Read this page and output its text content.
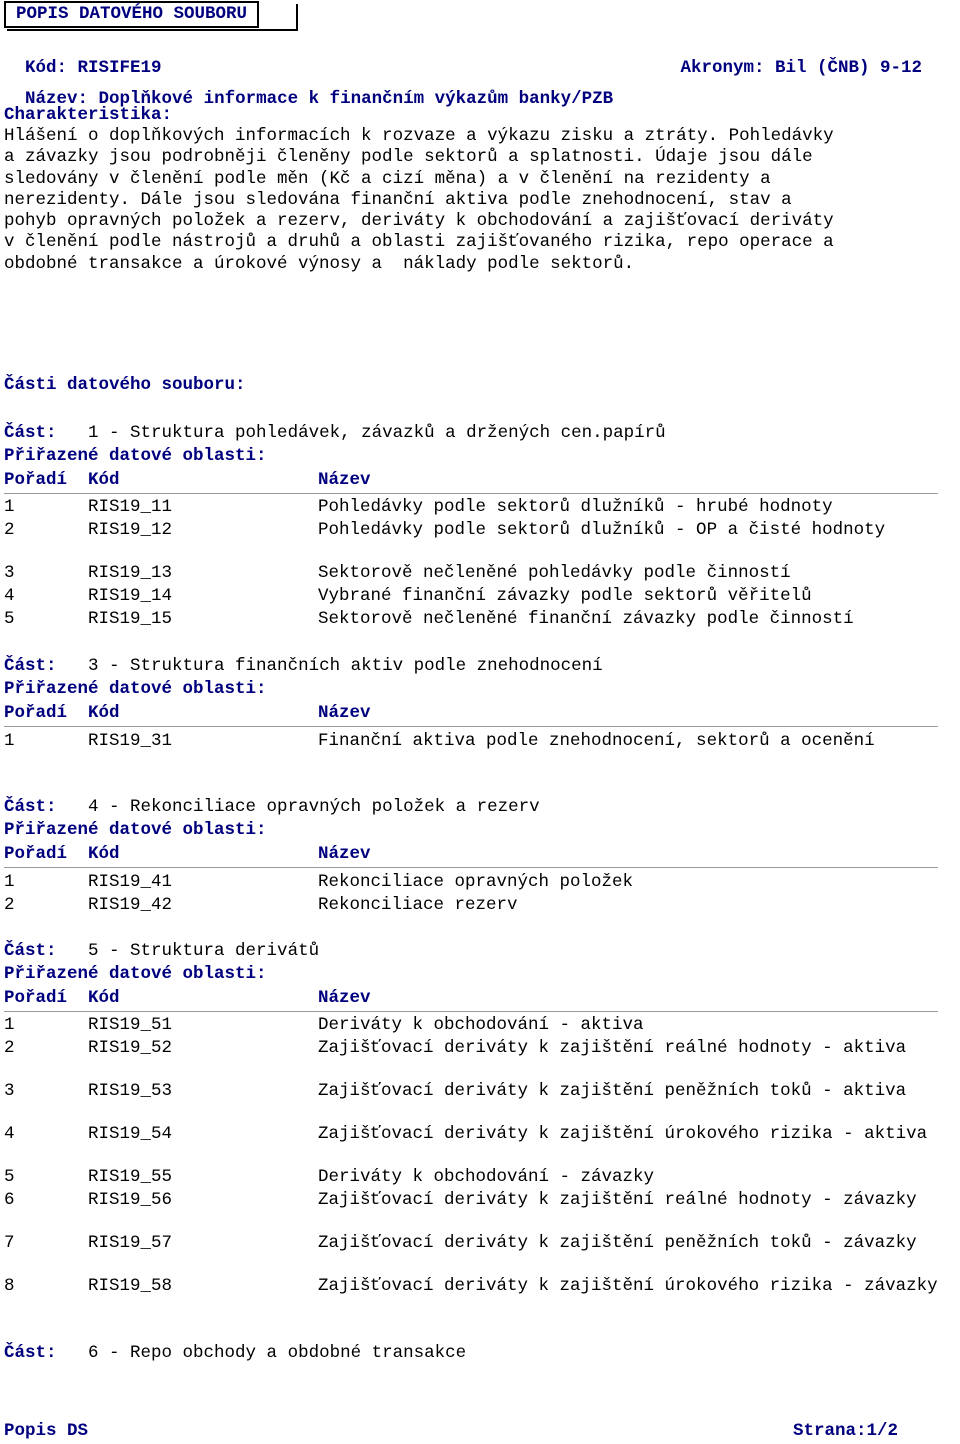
POPIS DATOVÉHO SOUBORU

Kód: RISIFE19	Akronym: Bil (ČNB) 9-12

Název: Doplňkové informace k finančním výkazům banky/PZB

Charakteristika:
Hlášení o doplňkových informacích k rozvaze a výkazu zisku a ztráty. Pohledávky
a závazky jsou podrobněji členěny podle sektorů a splatnosti. Údaje jsou dále
sledovány v členění podle měn (Kč a cizí měna) a v členění na rezidenty a
nerezidenty. Dále jsou sledována finanční aktiva podle znehodnocení, stav a
pohyb opravných položek a rezerv, deriváty k obchodování a zajišťovací deriváty
v členění podle nástrojů a druhů a oblasti zajišťovaného rizika, repo operace a
obdobné transakce a úrokové výnosy a  náklady podle sektorů.
Části datového souboru:
Část: 1 - Struktura pohledávek, závazků a držených cen.papírů
Přiřazené datové oblasti:
Pořadí Kód	Název
1	RIS19_11	Pohledávky podle sektorů dlužníků - hrubé hodnoty
2	RIS19_12	Pohledávky podle sektorů dlužníků - OP a čisté hodnoty
3	RIS19_13	Sektorově nečleněné pohledávky podle činností
4	RIS19_14	Vybrané finanční závazky podle sektorů věřitelů
5	RIS19_15	Sektorově nečleněné finanční závazky podle činností
Část: 3 - Struktura finančních aktiv podle znehodnocení
Přiřazené datové oblasti:
Pořadí Kód	Název
1	RIS19_31	Finanční aktiva podle znehodnocení, sektorů a ocenění
Část: 4 - Rekonciliace opravných položek a rezerv
Přiřazené datové oblasti:
Pořadí Kód	Název
1	RIS19_41	Rekonciliace opravných položek
2	RIS19_42	Rekonciliace rezerv
Část: 5 - Struktura derivátů
Přiřazené datové oblasti:
Pořadí Kód	Název
1	RIS19_51	Deriváty k obchodování - aktiva
2	RIS19_52	Zajišťovací deriváty k zajištění reálné hodnoty - aktiva
3	RIS19_53	Zajišťovací deriváty k zajištění peněžních toků - aktiva
4	RIS19_54	Zajišťovací deriváty k zajištění úrokového rizika - aktiva
5	RIS19_55	Deriváty k obchodování - závazky
6	RIS19_56	Zajišťovací deriváty k zajištění reálné hodnoty - závazky
7	RIS19_57	Zajišťovací deriváty k zajištění peněžních toků - závazky
8	RIS19_58	Zajišťovací deriváty k zajištění úrokového rizika - závazky
Část: 6 - Repo obchody a obdobné transakce
Popis DS	Strana:1/2
